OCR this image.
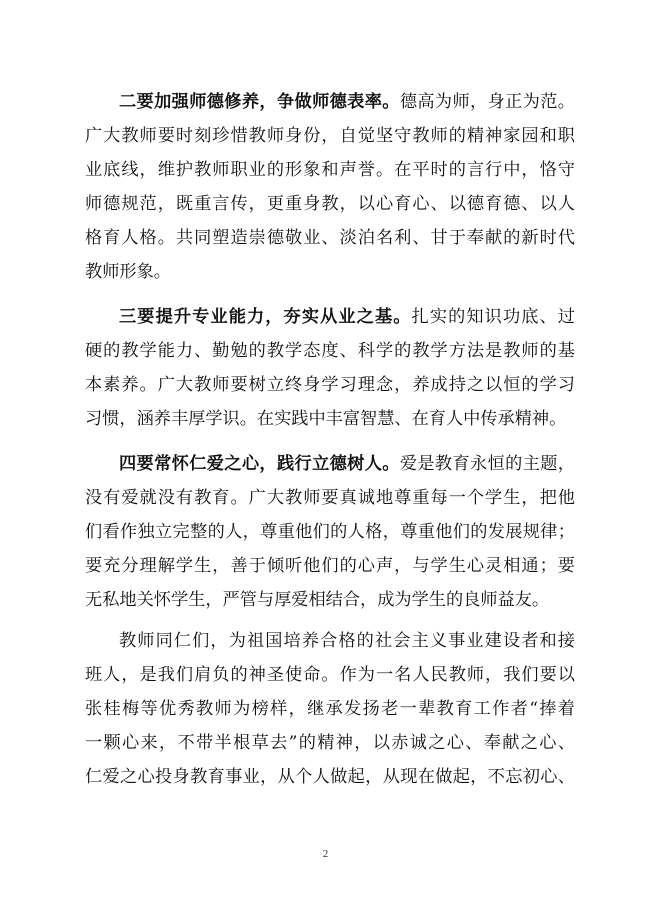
二要加强师德修养，争做师德表率。德高为师，身正为范。
广大教师要时刻珍惜教师身份，自觉坚守教师的精神家园和职
业底线，维护教师职业的形象和声誉。在平时的言行中，恪守
师德规范，既重言传，更重身教，以心育心、以德育德、以人
格育人格。共同塑造崇德敬业、淡泊名利、甘于奉献的新时代
教师形象。
三要提升专业能力，夯实从业之基。扎实的知识功底、过
硬的教学能力、勤勉的教学态度、科学的教学方法是教师的基
本素养。广大教师要树立终身学习理念，养成持之以恒的学习
习惯，涵养丰厚学识。在实践中丰富智慧、在育人中传承精神。
四要常怀仁爱之心，践行立德树人。爱是教育永恒的主题，
没有爱就没有教育。广大教师要真诚地尊重每一个学生，把他
们看作独立完整的人，尊重他们的人格，尊重他们的发展规律；
要充分理解学生，善于倾听他们的心声，与学生心灵相通；要
无私地关怀学生，严管与厚爱相结合，成为学生的良师益友。
教师同仁们，为祖国培养合格的社会主义事业建设者和接
班人，是我们肩负的神圣使命。作为一名人民教师，我们要以
张桂梅等优秀教师为榜样，继承发扬老一辈教育工作者“捧着
一颗心来，不带半根草去”的精神，以赤诚之心、奉献之心、
仁爱之心投身教育事业，从个人做起，从现在做起，不忘初心、
2
